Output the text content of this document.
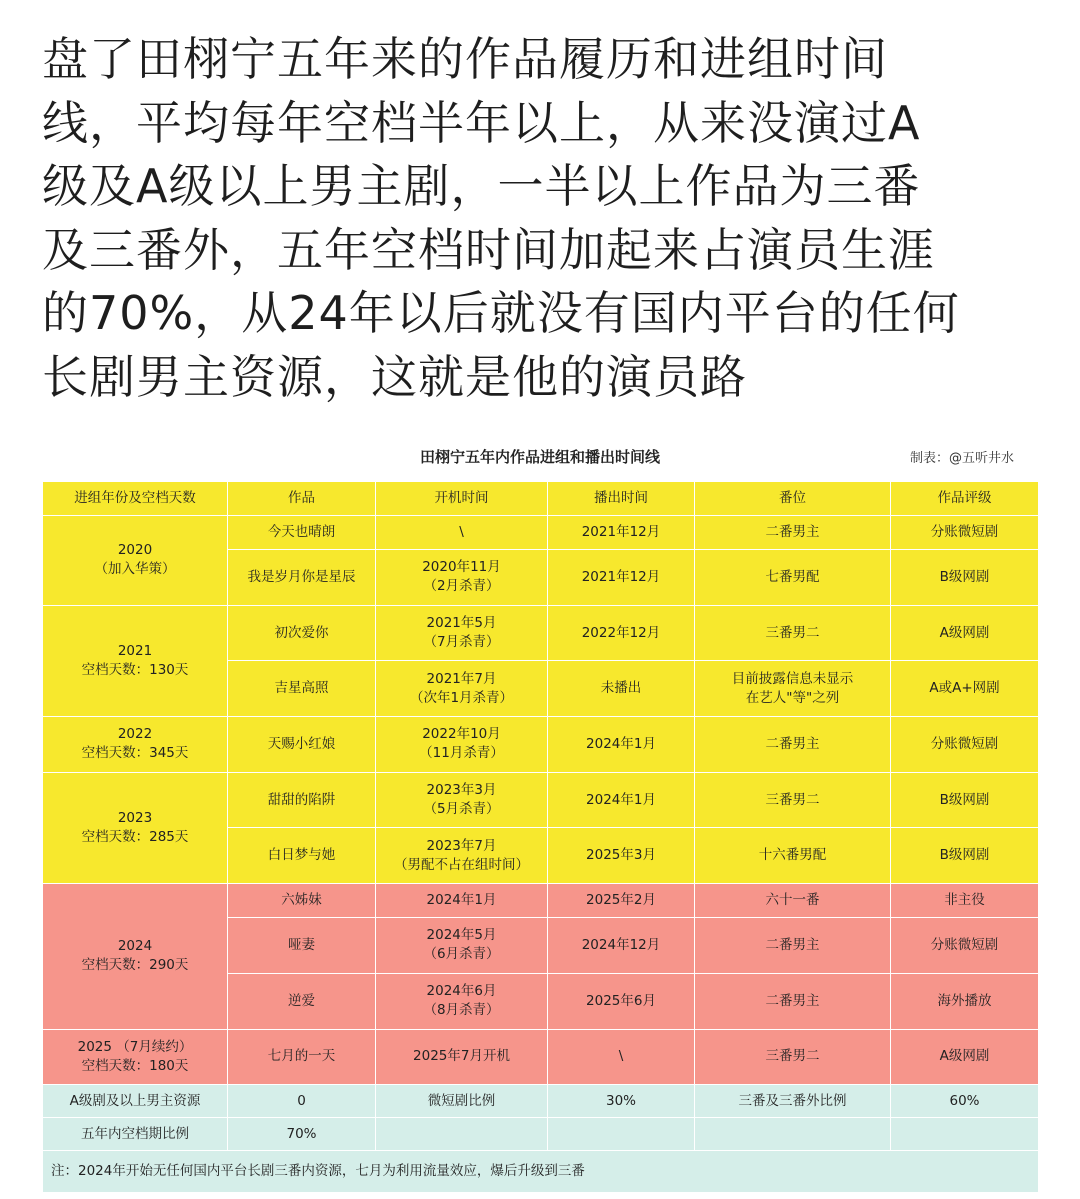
盘了田栩宁五年来的作品履历和进组时间
线，平均每年空档半年以上，从来没演过A
级及A级以上男主剧，一半以上作品为三番
及三番外，五年空档时间加起来占演员生涯
的70%，从24年以后就没有国内平台的任何
长剧男主资源，这就是他的演员路
田栩宁五年内作品进组和播出时间线	制表：@五听井水
进组年份及空档天数	作品	开机时间	播出时间	番位	作品评级

2020
（加入华策）	今天也晴朗	\	2021年12月	二番男主	分账微短剧
	我是岁月你是星辰	2020年11月
（2月杀青）	2021年12月	七番男配	B级网剧

2021
空档天数：130天	初次爱你	2021年5月
（7月杀青）	2022年12月	三番男二	A级网剧
	吉星高照	2021年7月
（次年1月杀青）	未播出	目前披露信息未显示
在艺人"等"之列	A或A+网剧

2022
空档天数：345天	天赐小红娘	2022年10月
（11月杀青）	2024年1月	二番男主	分账微短剧

2023
空档天数：285天	甜甜的陷阱	2023年3月
（5月杀青）	2024年1月	三番男二	B级网剧
	白日梦与她	2023年7月
（男配不占在组时间）	2025年3月	十六番男配	B级网剧

2024
空档天数：290天	六姊妹	2024年1月	2025年2月	六十一番	非主役
	哑妻	2024年5月
（6月杀青）	2024年12月	二番男主	分账微短剧
	逆爱	2024年6月
（8月杀青）	2025年6月	二番男主	海外播放

2025 （7月续约）
空档天数：180天	七月的一天	2025年7月开机	\	三番男二	A级网剧
A级剧及以上男主资源	0	微短剧比例	30%	三番及三番外比例	60%
五年内空档期比例	70%				
注：2024年开始无任何国内平台长剧三番内资源，七月为利用流量效应，爆后升级到三番					
